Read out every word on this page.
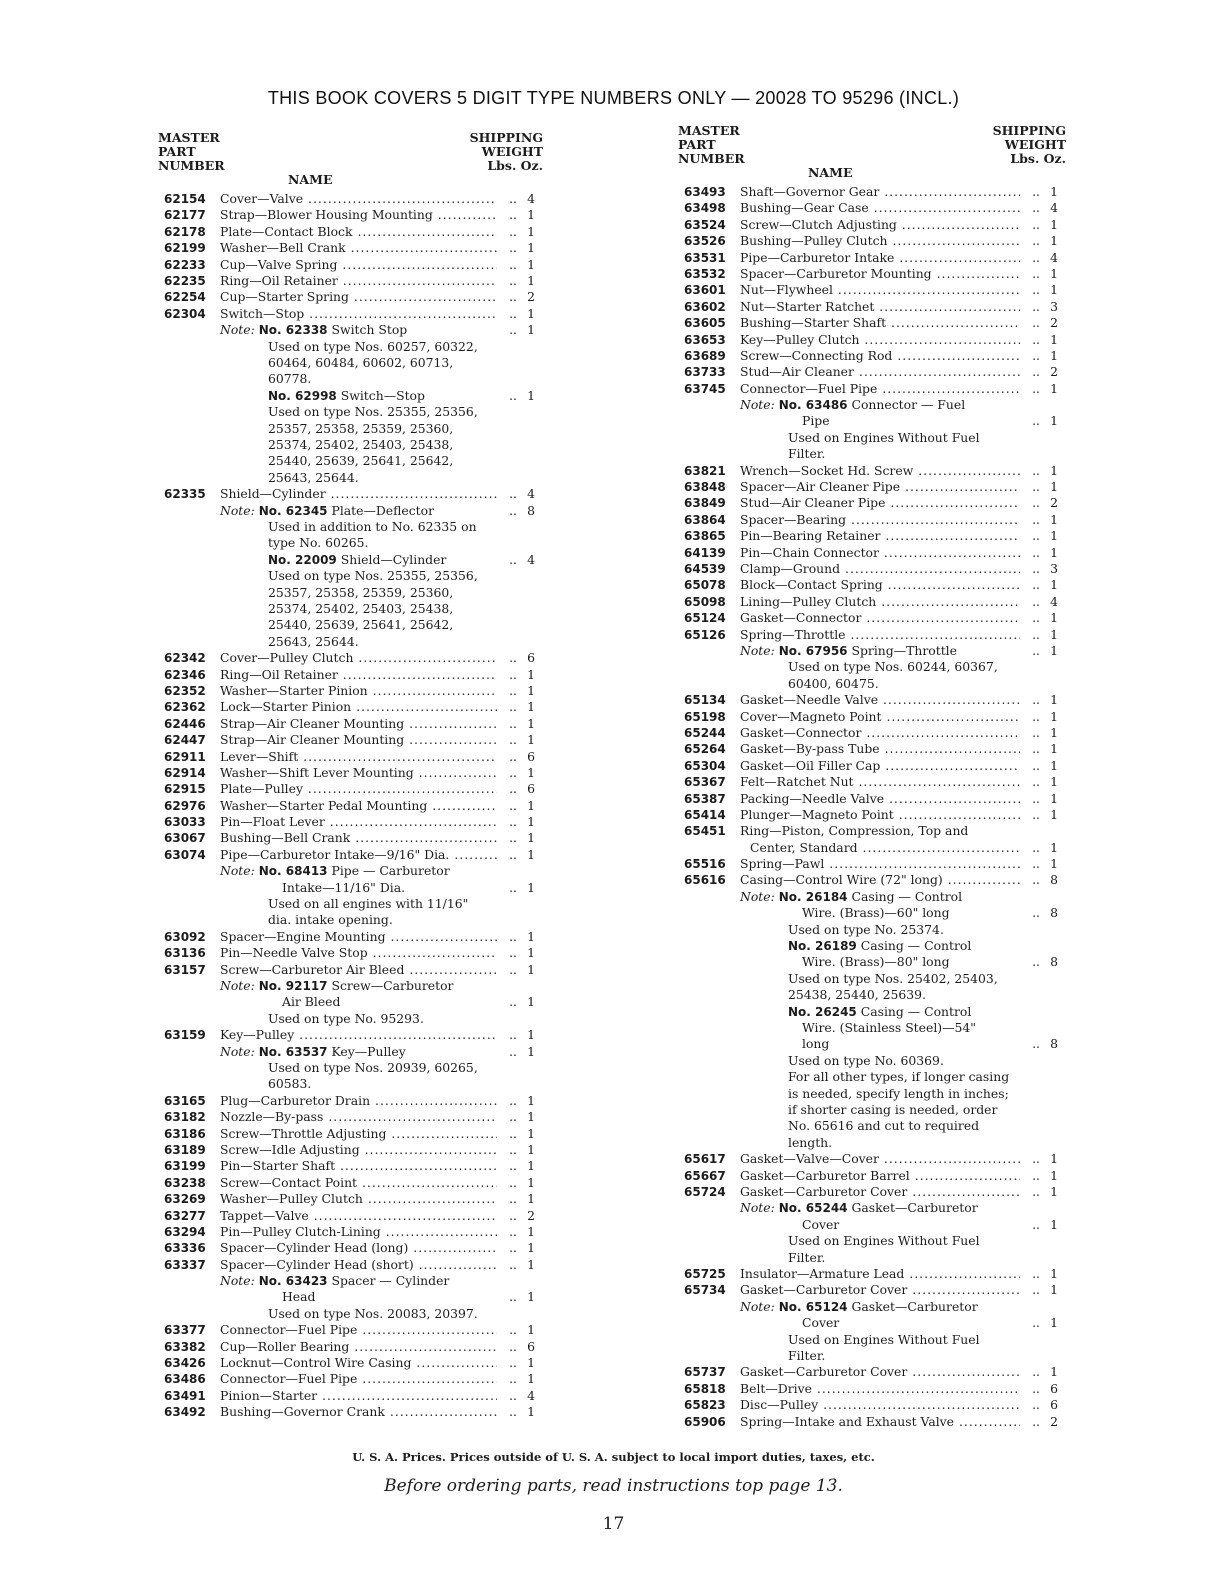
THIS BOOK COVERS 5 DIGIT TYPE NUMBERS ONLY — 20028 TO 95296 (INCL.)
MASTER
PART
NUMBER
NAME
SHIPPING
WEIGHT
Lbs. Oz.
62154 Cover—Valve .....	.. 4
62177 Strap—Blower Housing Mounting .....	.. 1
62178 Plate—Contact Block .....	.. 1
62199 Washer—Bell Crank .....	.. 1
62233 Cup—Valve Spring .....	.. 1
62235 Ring—Oil Retainer .....	.. 1
62254 Cup—Starter Spring .....	.. 2
62304 Switch—Stop .....	.. 1
Note: No. 62338 Switch Stop	.. 1
Used on type Nos. 60257, 60322, 60464, 60484, 60602, 60713, 60778.
No. 62998 Switch—Stop	.. 1
Used on type Nos. 25355, 25356, 25357, 25358, 25359, 25360, 25374, 25402, 25403, 25438, 25440, 25639, 25641, 25642, 25643, 25644.
62335 Shield—Cylinder .....	.. 4
Note: No. 62345 Plate—Deflector	.. 8
Used in addition to No. 62335 on type No. 60265.
No. 22009 Shield—Cylinder	.. 4
Used on type Nos. 25355, 25356, 25357, 25358, 25359, 25360, 25374, 25402, 25403, 25438, 25440, 25639, 25641, 25642, 25643, 25644.
62342 Cover—Pulley Clutch .....	.. 6
62346 Ring—Oil Retainer .....	.. 1
62352 Washer—Starter Pinion .....	.. 1
62362 Lock—Starter Pinion .....	.. 1
62446 Strap—Air Cleaner Mounting .....	.. 1
62447 Strap—Air Cleaner Mounting .....	.. 1
62911 Lever—Shift .....	.. 6
62914 Washer—Shift Lever Mounting .....	.. 1
62915 Plate—Pulley .....	.. 6
62976 Washer—Starter Pedal Mounting .....	.. 1
63033 Pin—Float Lever .....	.. 1
63067 Bushing—Bell Crank .....	.. 1
63074 Pipe—Carburetor Intake—9/16" Dia. .....	.. 1
Note: No. 68413 Pipe — Carburetor
Intake—11/16" Dia.	.. 1
Used on all engines with 11/16" dia. intake opening.
63092 Spacer—Engine Mounting .....	.. 1
63136 Pin—Needle Valve Stop .....	.. 1
63157 Screw—Carburetor Air Bleed .....	.. 1
Note: No. 92117 Screw—Carburetor
Air Bleed	.. 1
Used on type No. 95293.
63159 Key—Pulley .....	.. 1
Note: No. 63537 Key—Pulley	.. 1
Used on type Nos. 20939, 60265, 60583.
63165 Plug—Carburetor Drain .....	.. 1
63182 Nozzle—By-pass .....	.. 1
63186 Screw—Throttle Adjusting .....	.. 1
63189 Screw—Idle Adjusting .....	.. 1
63199 Pin—Starter Shaft .....	.. 1
63238 Screw—Contact Point .....	.. 1
63269 Washer—Pulley Clutch .....	.. 1
63277 Tappet—Valve .....	.. 2
63294 Pin—Pulley Clutch-Lining .....	.. 1
63336 Spacer—Cylinder Head (long) .....	.. 1
63337 Spacer—Cylinder Head (short) .....	.. 1
Note: No. 63423 Spacer — Cylinder
Head	.. 1
Used on type Nos. 20083, 20397.
63377 Connector—Fuel Pipe .....	.. 1
63382 Cup—Roller Bearing .....	.. 6
63426 Locknut—Control Wire Casing .....	.. 1
63486 Connector—Fuel Pipe .....	.. 1
63491 Pinion—Starter .....	.. 4
63492 Bushing—Governor Crank .....	.. 1
MASTER
PART
NUMBER
NAME
SHIPPING
WEIGHT
Lbs. Oz.
63493 Shaft—Governor Gear .....	.. 1
63498 Bushing—Gear Case .....	.. 4
63524 Screw—Clutch Adjusting .....	.. 1
63526 Bushing—Pulley Clutch .....	.. 1
63531 Pipe—Carburetor Intake .....	.. 4
63532 Spacer—Carburetor Mounting .....	.. 1
63601 Nut—Flywheel .....	.. 1
63602 Nut—Starter Ratchet .....	.. 3
63605 Bushing—Starter Shaft .....	.. 2
63653 Key—Pulley Clutch .....	.. 1
63689 Screw—Connecting Rod .....	.. 1
63733 Stud—Air Cleaner .....	.. 2
63745 Connector—Fuel Pipe .....	.. 1
Note: No. 63486 Connector — Fuel
Pipe	.. 1
Used on Engines Without Fuel Filter.
63821 Wrench—Socket Hd. Screw .....	.. 1
63848 Spacer—Air Cleaner Pipe .....	.. 1
63849 Stud—Air Cleaner Pipe .....	.. 2
63864 Spacer—Bearing .....	.. 1
63865 Pin—Bearing Retainer .....	.. 1
64139 Pin—Chain Connector .....	.. 1
64539 Clamp—Ground .....	.. 3
65078 Block—Contact Spring .....	.. 1
65098 Lining—Pulley Clutch .....	.. 4
65124 Gasket—Connector .....	.. 1
65126 Spring—Throttle .....	.. 1
Note: No. 67956 Spring—Throttle	.. 1
Used on type Nos. 60244, 60367, 60400, 60475.
65134 Gasket—Needle Valve .....	.. 1
65198 Cover—Magneto Point .....	.. 1
65244 Gasket—Connector .....	.. 1
65264 Gasket—By-pass Tube .....	.. 1
65304 Gasket—Oil Filler Cap .....	.. 1
65367 Felt—Ratchet Nut .....	.. 1
65387 Packing—Needle Valve .....	.. 1
65414 Plunger—Magneto Point .....	.. 1
65451 Ring—Piston, Compression, Top and
Center, Standard .....	.. 1
65516 Spring—Pawl .....	.. 1
65616 Casing—Control Wire (72" long) .....	.. 8
Note: No. 26184 Casing — Control
Wire. (Brass)—60" long	.. 8
Used on type No. 25374.
No. 26189 Casing — Control
Wire. (Brass)—80" long	.. 8
Used on type Nos. 25402, 25403, 25438, 25440, 25639.
No. 26245 Casing — Control
Wire. (Stainless Steel)—54"
long	.. 8
Used on type No. 60369.
For all other types, if longer casing is needed, specify length in inches; if shorter casing is needed, order No. 65616 and cut to required length.
65617 Gasket—Valve—Cover .....	.. 1
65667 Gasket—Carburetor Barrel .....	.. 1
65724 Gasket—Carburetor Cover .....	.. 1
Note: No. 65244 Gasket—Carburetor
Cover	.. 1
Used on Engines Without Fuel Filter.
65725 Insulator—Armature Lead .....	.. 1
65734 Gasket—Carburetor Cover .....	.. 1
Note: No. 65124 Gasket—Carburetor
Cover	.. 1
Used on Engines Without Fuel Filter.
65737 Gasket—Carburetor Cover .....	.. 1
65818 Belt—Drive .....	.. 6
65823 Disc—Pulley .....	.. 6
65906 Spring—Intake and Exhaust Valve .....	.. 2
U. S. A. Prices. Prices outside of U. S. A. subject to local import duties, taxes, etc.
Before ordering parts, read instructions top page 13.
17
